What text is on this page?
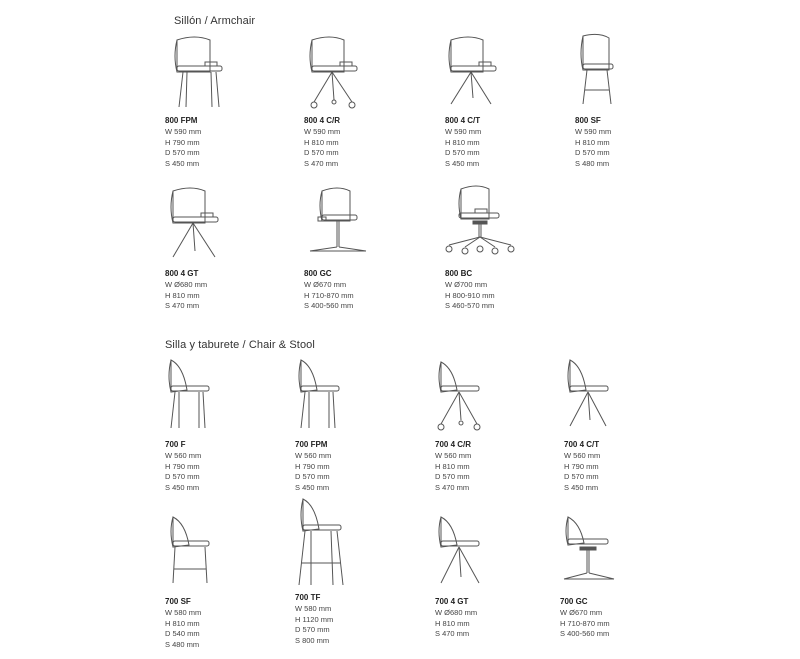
Sillón / Armchair
Silla y taburete / Chair & Stool
800 FPM
W 590 mm
H 790 mm
D 570 mm
S 450 mm
800 4 C/R
W 590 mm
H 810 mm
D 570 mm
S 470 mm
800 4 C/T
W 590 mm
H 810 mm
D 570 mm
S 450 mm
800 SF
W 590 mm
H 810 mm
D 570 mm
S 480 mm
800 4 GT
W Ø680 mm
H 810 mm
S 470 mm
800 GC
W Ø670 mm
H 710-870 mm
S 400-560 mm
800 BC
W Ø700 mm
H 800-910 mm
S 460-570 mm
700 F
W 560 mm
H 790 mm
D 570 mm
S 450 mm
700 FPM
W 560 mm
H 790 mm
D 570 mm
S 450 mm
700 4 C/R
W 560 mm
H 810 mm
D 570 mm
S 470 mm
700 4 C/T
W 560 mm
H 790 mm
D 570 mm
S 450 mm
700 SF
W 580 mm
H 810 mm
D 540 mm
S 480 mm
700 TF
W 580 mm
H 1120 mm
D 570 mm
S 800 mm
700 4 GT
W Ø680 mm
H 810 mm
S 470 mm
700 GC
W Ø670 mm
H 710-870 mm
S 400-560 mm
